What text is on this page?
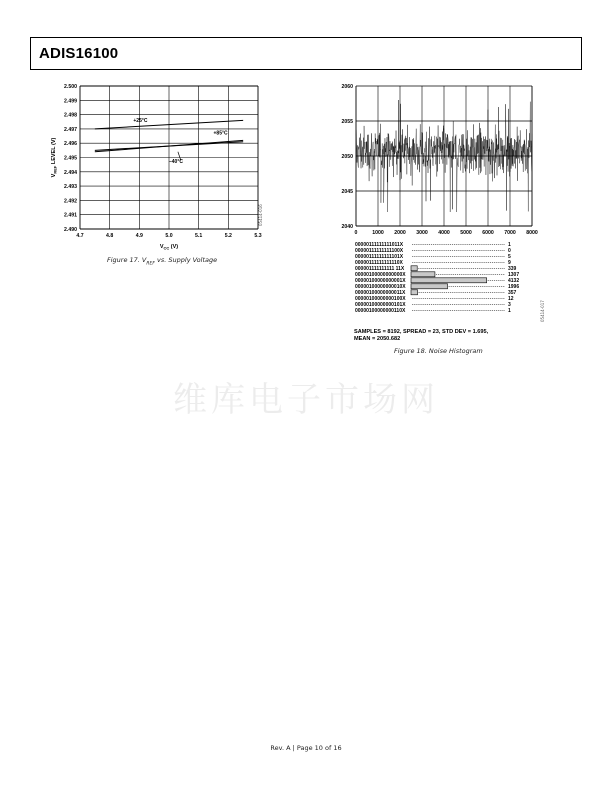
ADIS16100
4.7	4.8	4.9	5.0	5.1	5.2	5.3
2.500
2.499
2.498
2.497
2.496
2.495
2.494
2.493
2.492
2.491
2.490
+25°C
+85°C
–40°C
$V_{CC}$ (V)
$V_{REF}$ LEVEL (V)
Figure 17. $V_{REF}$ vs. Supply Voltage
05414-016
0	1000 2000 3000 4000 5000 6000 7000 8000
2060
2055
2050
2045
2040
00000111111111011X	1
00000111111111100X	0
00000111111111101X	5
00000111111111110X	9
000001111111111 11X	339
00000100000000000X	1307
00000100000000001X	4132
00000100000000010X	1996
00000100000000011X	357
00000100000000100X	12
00000100000000101X	3
00000100000000110X	1
SAMPLES = 8192, SPREAD = 23, STD DEV = 1.695,
MEAN = 2050.682
Figure 18. Noise Histogram
05414-017
维库电子市场网
Rev. A | Page 10 of 16
